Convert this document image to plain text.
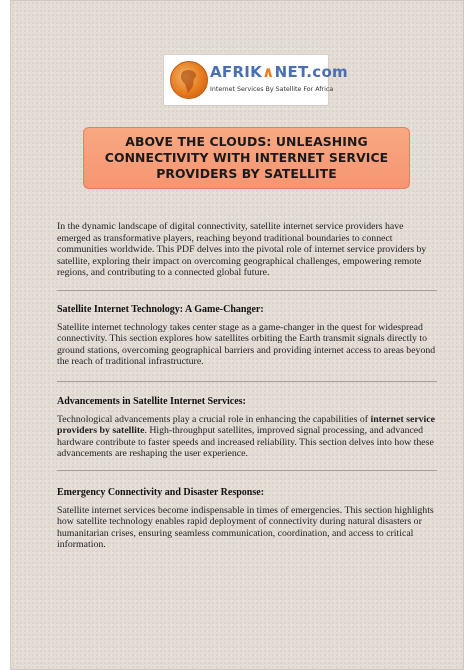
AFRIK∧NET.com
Internet Services By Satellite For Africa
ABOVE THE CLOUDS: UNLEASHING CONNECTIVITY WITH INTERNET SERVICE PROVIDERS BY SATELLITE

In the dynamic landscape of digital connectivity, satellite internet service providers have emerged as transformative players, reaching beyond traditional boundaries to connect communities worldwide. This PDF delves into the pivotal role of internet service providers by satellite, exploring their impact on overcoming geographical challenges, empowering remote regions, and contributing to a connected global future.

Satellite Internet Technology: A Game-Changer:

Satellite internet technology takes center stage as a game-changer in the quest for widespread connectivity. This section explores how satellites orbiting the Earth transmit signals directly to ground stations, overcoming geographical barriers and providing internet access to areas beyond the reach of traditional infrastructure.

Advancements in Satellite Internet Services:

Technological advancements play a crucial role in enhancing the capabilities of internet service providers by satellite. High-throughput satellites, improved signal processing, and advanced hardware contribute to faster speeds and increased reliability. This section delves into how these advancements are reshaping the user experience.

Emergency Connectivity and Disaster Response:

Satellite internet services become indispensable in times of emergencies. This section highlights how satellite technology enables rapid deployment of connectivity during natural disasters or humanitarian crises, ensuring seamless communication, coordination, and access to critical information.
